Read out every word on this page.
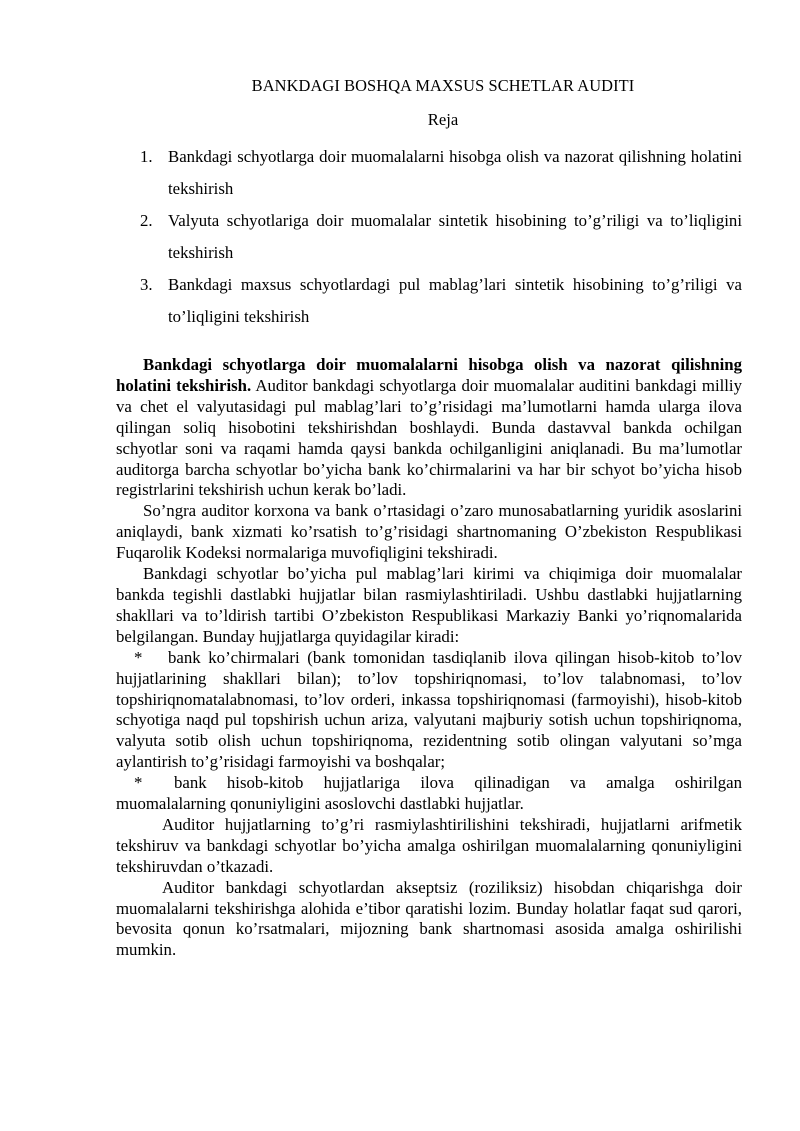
BANKDAGI BOSHQA MAXSUS SCHETLAR AUDITI
Reja
1. Bankdagi schyotlarga doir muomalalarni hisobga olish va nazorat qilishning holatini tekshirish
2. Valyuta schyotlariga doir muomalalar sintetik hisobining to’g’riligi va to’liqligini tekshirish
3. Bankdagi maxsus schyotlardagi pul mablag’lari sintetik hisobining to’g’riligi va to’liqligini tekshirish

Bankdagi schyotlarga doir muomalalarni hisobga olish va nazorat qilishning holatini tekshirish. Auditor bankdagi schyotlarga doir muomalalar auditini bankdagi milliy va chet el valyutasidagi pul mablag’lari to’g’risidagi ma’lumotlarni hamda ularga ilova qilingan soliq hisobotini tekshirishdan boshlaydi. Bunda dastavval bankda ochilgan schyotlar soni va raqami hamda qaysi bankda ochilganligini aniqlanadi. Bu ma’lumotlar auditorga barcha schyotlar bo’yicha bank ko’chirmalarini va har bir schyot bo’yicha hisob registrlarini tekshirish uchun kerak bo’ladi.

So’ngra auditor korxona va bank o’rtasidagi o’zaro munosabatlarning yuridik asoslarini aniqlaydi, bank xizmati ko’rsatish to’g’risidagi shartnomaning O’zbekiston Respublikasi Fuqarolik Kodeksi normalariga muvofiqligini tekshiradi.

Bankdagi schyotlar bo’yicha pul mablag’lari kirimi va chiqimiga doir muomalalar bankda tegishli dastlabki hujjatlar bilan rasmiylashtiriladi. Ushbu dastlabki hujjatlarning shakllari va to’ldirish tartibi O’zbekiston Respublikasi Markaziy Banki yo’riqnomalarida belgilangan. Bunday hujjatlarga quyidagilar kiradi:

* bank ko’chirmalari (bank tomonidan tasdiqlanib ilova qilingan hisob-kitob to’lov hujjatlarining shakllari bilan); to’lov topshiriqnomasi, to’lov talabnomasi, to’lov topshiriqnomatalabnomasi, to’lov orderi, inkassa topshiriqnomasi (farmoyishi), hisob-kitob schyotiga naqd pul topshirish uchun ariza, valyutani majburiy sotish uchun topshiriqnoma, valyuta sotib olish uchun topshiriqnoma, rezidentning sotib olingan valyutani so’mga aylantirish to’g’risidagi farmoyishi va boshqalar;

* bank hisob-kitob hujjatlariga ilova qilinadigan va amalga oshirilgan muomalalarning qonuniyligini asoslovchi dastlabki hujjatlar.

Auditor hujjatlarning to’g’ri rasmiylashtirilishini tekshiradi, hujjatlarni arifmetik tekshiruv va bankdagi schyotlar bo’yicha amalga oshirilgan muomalalarning qonuniyligini tekshiruvdan o’tkazadi.

Auditor bankdagi schyotlardan akseptsiz (roziliksiz) hisobdan chiqarishga doir muomalalarni tekshirishga alohida e’tibor qaratishi lozim. Bunday holatlar faqat sud qarori, bevosita qonun ko’rsatmalari, mijozning bank shartnomasi asosida amalga oshirilishi mumkin.
